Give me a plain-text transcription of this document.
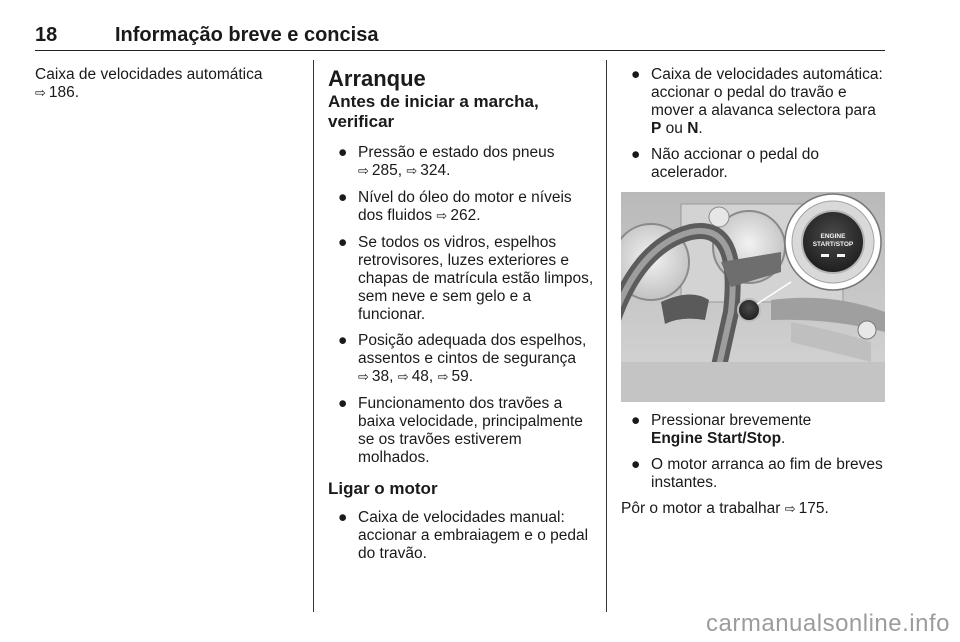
18	Informação breve e concisa

Caixa de velocidades automática

⇨ 186.

Arranque

Antes de iniciar a marcha, verificar

● Pressão e estado dos pneus
⇨ 285, ⇨ 324.
● Nível do óleo do motor e níveis dos fluidos ⇨ 262.
● Se todos os vidros, espelhos retrovisores, luzes exteriores e chapas de matrícula estão limpos, sem neve e sem gelo e a funcionar.
● Posição adequada dos espelhos, assentos e cintos de segurança
⇨ 38, ⇨ 48, ⇨ 59.
● Funcionamento dos travões a baixa velocidade, principalmente se os travões estiverem molhados.

Ligar o motor

● Caixa de velocidades manual: accionar a embraiagem e o pedal do travão.
● Caixa de velocidades automática: accionar o pedal do travão e mover a alavanca selectora para P ou N.
● Não accionar o pedal do acelerador.
ENGINE
START/STOP
● Pressionar brevemente
Engine Start/Stop.
● O motor arranca ao fim de breves instantes.

Pôr o motor a trabalhar ⇨ 175.

carmanualsonline.info
